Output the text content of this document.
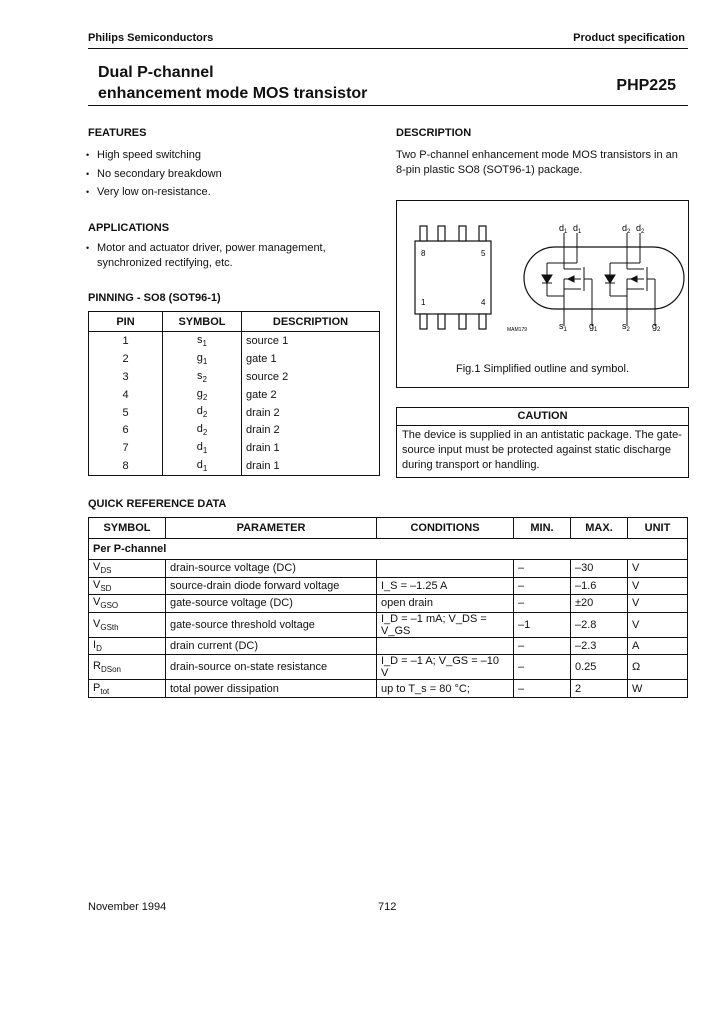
Philips Semiconductors	Product specification
Dual P-channel
enhancement mode MOS transistor	PHP225
FEATURES
• High speed switching
• No secondary breakdown
• Very low on-resistance.
APPLICATIONS
• Motor and actuator driver, power management, synchronized rectifying, etc.
PINNING - SO8 (SOT96-1)
PIN	SYMBOL	DESCRIPTION
1	$s_1$	source 1
2	$g_1$	gate 1
3	$s_2$	source 2
4	$g_2$	gate 2
5	$d_2$	drain 2
6	$d_2$	drain 2
7	$d_1$	drain 1
8	$d_1$	drain 1
DESCRIPTION
Two P-channel enhancement mode MOS transistors in an 8-pin plastic SO8 (SOT96-1) package.
8	5
1	4
MAM179
$d_1$ $d_1$	$d_2$ $d_2$
$s_1$ $g_1$	$s_2$ $g_2$
Fig.1 Simplified outline and symbol.
CAUTION
The device is supplied in an antistatic package. The gate-source input must be protected against static discharge during transport or handling.
QUICK REFERENCE DATA
SYMBOL	PARAMETER	CONDITIONS	MIN.	MAX.	UNIT
Per P-channel					
$V_{DS}$	drain-source voltage (DC)		–	–30	V
$V_{SD}$	source-drain diode forward voltage	I_S = –1.25 A	–	–1.6	V
$V_{GSO}$	gate-source voltage (DC)	open drain	–	±20	V
$V_{GSth}$	gate-source threshold voltage	I_D = –1 mA; V_DS = V_GS	–1	–2.8	V
$I_D$	drain current (DC)		–	–2.3	A
$R_{DSon}$	drain-source on-state resistance	I_D = –1 A; V_GS = –10 V	–	0.25	Ω
$P_{tot}$	total power dissipation	up to T_s = 80 °C;	–	2	W
November 1994	712
